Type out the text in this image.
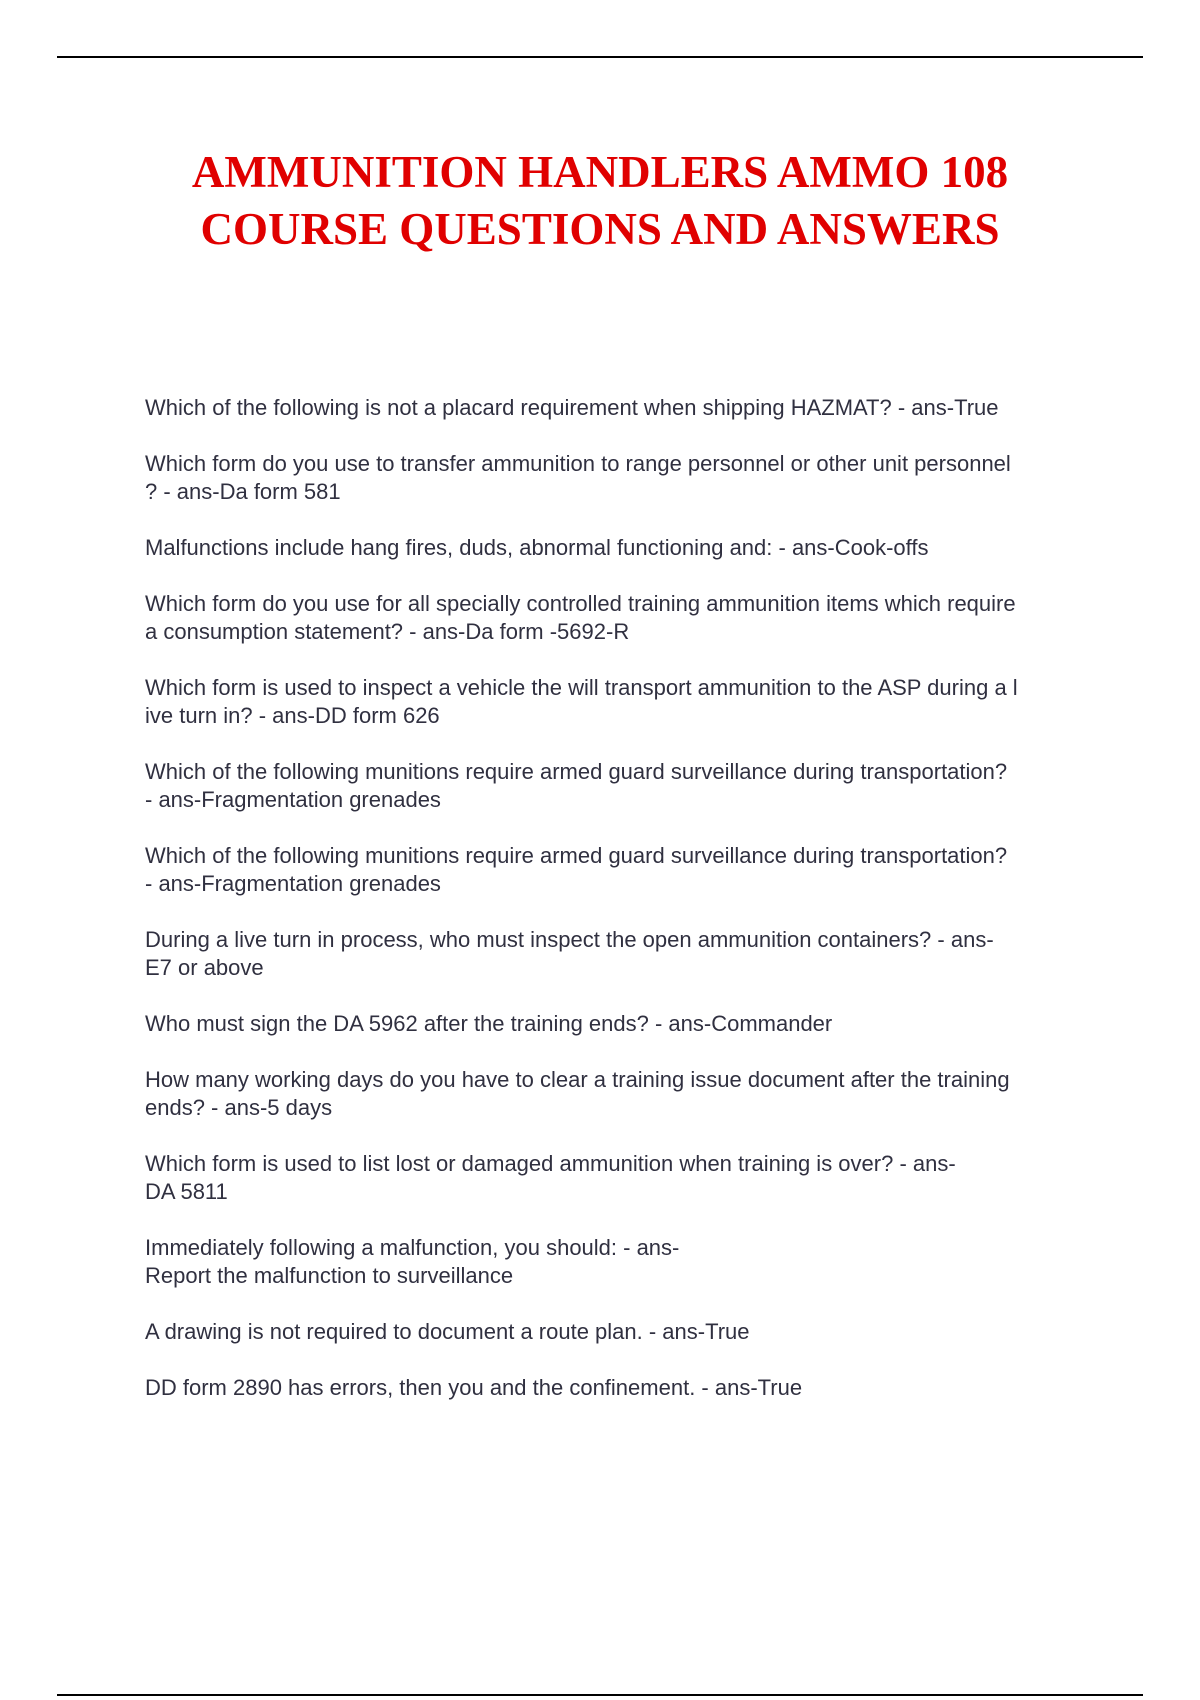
AMMUNITION HANDLERS AMMO 108
COURSE QUESTIONS AND ANSWERS
Which of the following is not a placard requirement when shipping HAZMAT? - ans-True
Which form do you use to transfer ammunition to range personnel or other unit personnel
? - ans-Da form 581
Malfunctions include hang fires, duds, abnormal functioning and: - ans-Cook-offs
Which form do you use for all specially controlled training ammunition items which require
a consumption statement? - ans-Da form -5692-R
Which form is used to inspect a vehicle the will transport ammunition to the ASP during a l
ive turn in? - ans-DD form 626
Which of the following munitions require armed guard surveillance during transportation?
- ans-Fragmentation grenades
Which of the following munitions require armed guard surveillance during transportation?
- ans-Fragmentation grenades
During a live turn in process, who must inspect the open ammunition containers? - ans-
E7 or above
Who must sign the DA 5962 after the training ends? - ans-Commander
How many working days do you have to clear a training issue document after the training
ends? - ans-5 days
Which form is used to list lost or damaged ammunition when training is over? - ans-
DA 5811
Immediately following a malfunction, you should: - ans-
Report the malfunction to surveillance
A drawing is not required to document a route plan. - ans-True
DD form 2890 has errors, then you and the confinement. - ans-True
